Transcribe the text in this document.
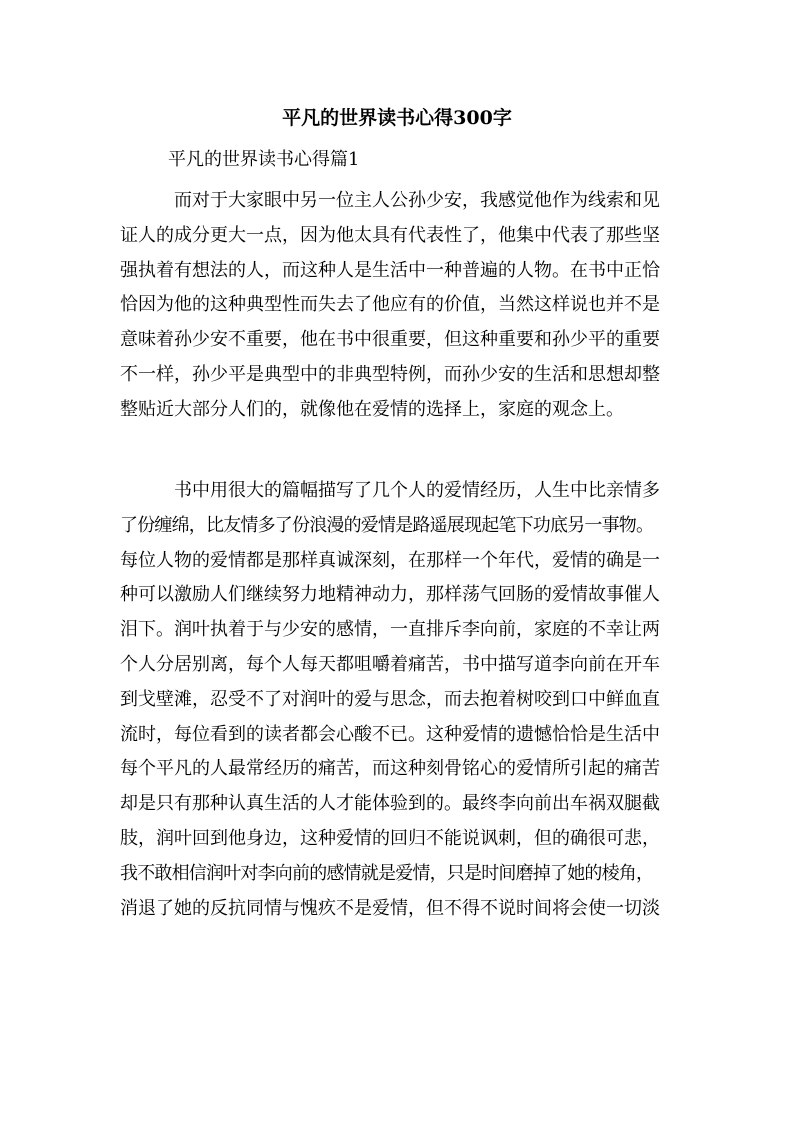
平凡的世界读书心得300字
平凡的世界读书心得篇1
而对于大家眼中另一位主人公孙少安，我感觉他作为线索和见
证人的成分更大一点，因为他太具有代表性了，他集中代表了那些坚
强执着有想法的人，而这种人是生活中一种普遍的人物。在书中正恰
恰因为他的这种典型性而失去了他应有的价值，当然这样说也并不是
意味着孙少安不重要，他在书中很重要，但这种重要和孙少平的重要
不一样，孙少平是典型中的非典型特例，而孙少安的生活和思想却整
整贴近大部分人们的，就像他在爱情的选择上，家庭的观念上。
书中用很大的篇幅描写了几个人的爱情经历，人生中比亲情多
了份缠绵，比友情多了份浪漫的爱情是路遥展现起笔下功底另一事物。
每位人物的爱情都是那样真诚深刻，在那样一个年代，爱情的确是一
种可以激励人们继续努力地精神动力，那样荡气回肠的爱情故事催人
泪下。润叶执着于与少安的感情，一直排斥李向前，家庭的不幸让两
个人分居别离，每个人每天都咀嚼着痛苦，书中描写道李向前在开车
到戈壁滩，忍受不了对润叶的爱与思念，而去抱着树咬到口中鲜血直
流时，每位看到的读者都会心酸不已。这种爱情的遗憾恰恰是生活中
每个平凡的人最常经历的痛苦，而这种刻骨铭心的爱情所引起的痛苦
却是只有那种认真生活的人才能体验到的。最终李向前出车祸双腿截
肢，润叶回到他身边，这种爱情的回归不能说讽刺，但的确很可悲，
我不敢相信润叶对李向前的感情就是爱情，只是时间磨掉了她的棱角，
消退了她的反抗同情与愧疚不是爱情，但不得不说时间将会使一切淡
